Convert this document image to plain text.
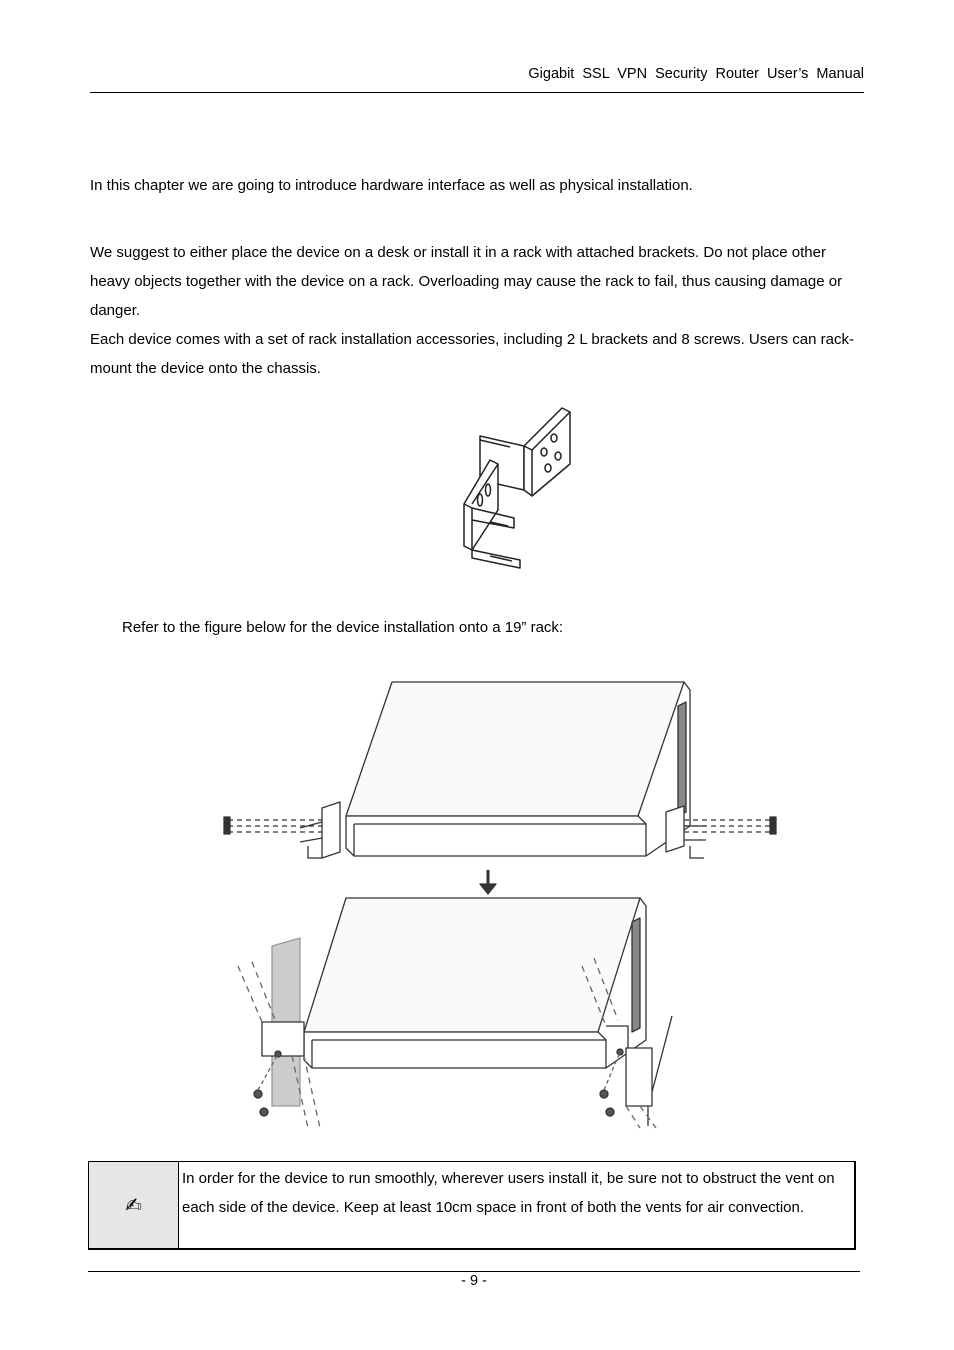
Gigabit SSL VPN Security Router User’s Manual

In this chapter we are going to introduce hardware interface as well as physical installation.

We suggest to either place the device on a desk or install it in a rack with attached brackets. Do not place other heavy objects together with the device on a rack. Overloading may cause the rack to fail, thus causing damage or danger.

Each device comes with a set of rack installation accessories, including 2 L brackets and 8 screws. Users can rack- mount the device onto the chassis.

Refer to the figure below for the device installation onto a 19” rack:

✍
In order for the device to run smoothly, wherever users install it, be sure not to obstruct the vent on each side of the device. Keep at least 10cm space in front of both the vents for air convection.
- 9 -
